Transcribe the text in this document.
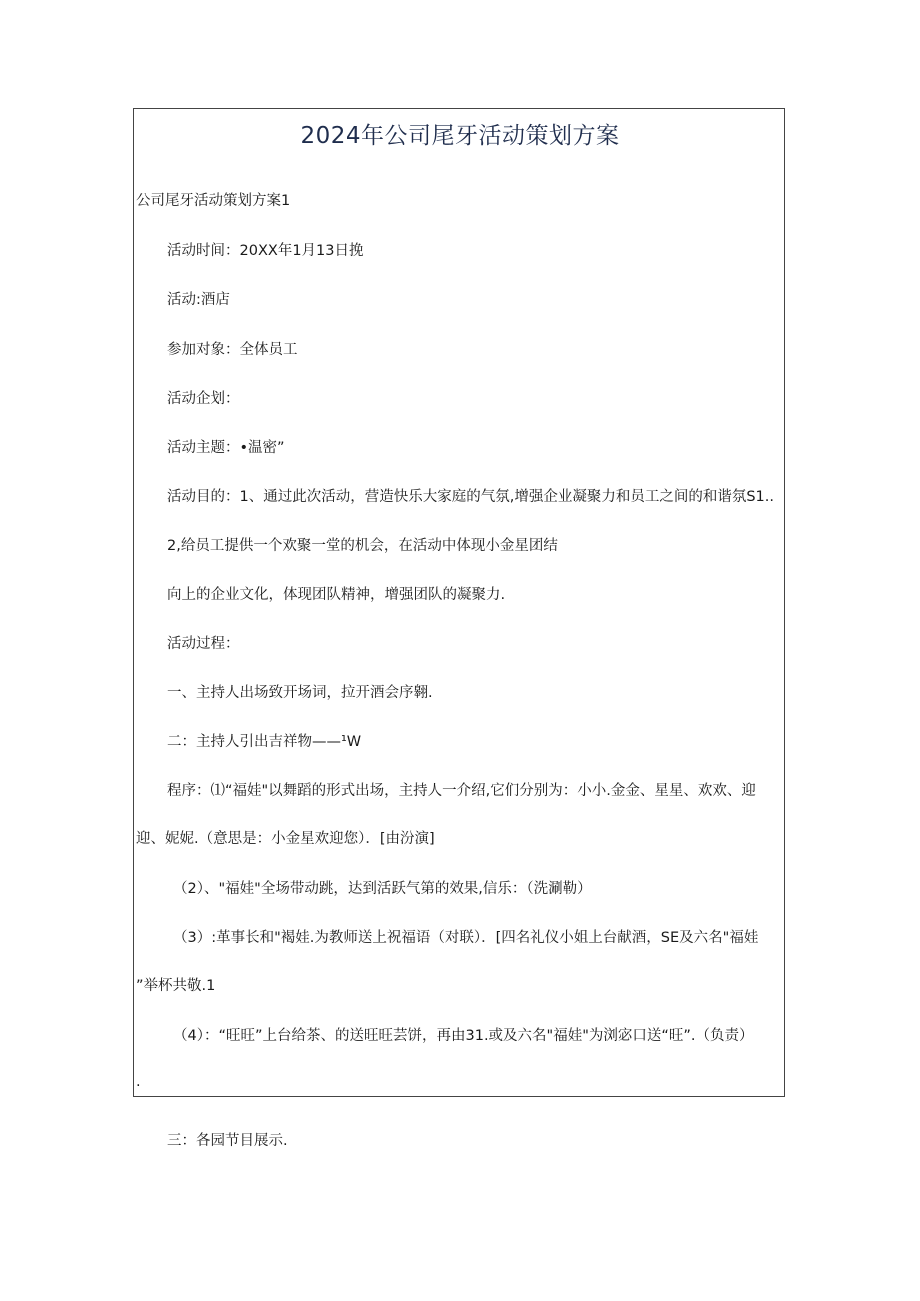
2024年公司尾牙活动策划方案
公司尾牙活动策划方案1
活动时间：20XX年1月13日挽
活动:酒店
参加对象：全体员工
活动企划：
活动主题：•温密”
活动目的：1、通过此次活动，营造快乐大家庭的气氛,增强企业凝聚力和员工之间的和谐氛S1..
2,给员工提供一个欢聚一堂的机会，在活动中体现小金星团结
向上的企业文化，体现团队精神，增强团队的凝聚力.
活动过程：
一、主持人出场致开场词，拉开酒会序翱.
二：主持人引出吉祥物——¹W
程序：⑴“福娃"以舞蹈的形式出场，主持人一介绍,它们分别为：小小.金金、星星、欢欢、迎
迎、妮妮.（意思是：小金星欢迎您）．[由汾演]
（2）、"福娃"全场带动跳，达到活跃气第的效果,信乐：（洗涮勒）
（3）:革事长和"褐娃.为教师送上祝福语（对联）．[四名礼仪小姐上台献酒，SE及六名"福娃
”举杯共敬.1
（4）：“旺旺”上台给茶、的送旺旺芸饼，再由31.或及六名"福娃"为浏宓口送“旺”.（负责）
.
三：各园节目展示.
